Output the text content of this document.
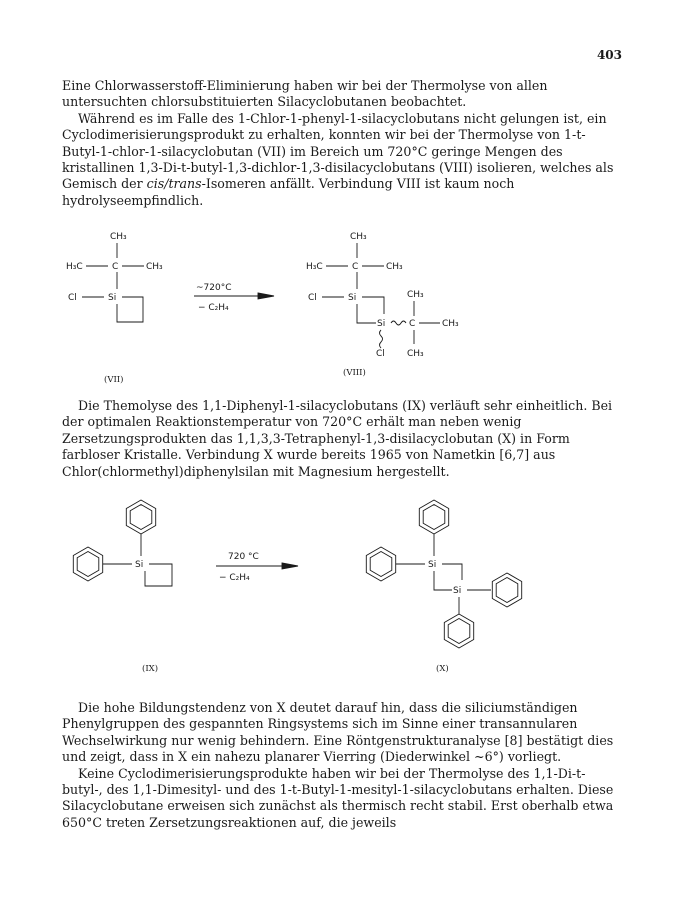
403

Eine Chlorwasserstoff-Eliminierung haben wir bei der Thermolyse von allen untersuchten chlorsubstituierten Silacyclobutanen beobachtet.

Während es im Falle des 1-Chlor-1-phenyl-1-silacyclobutans nicht gelungen ist, ein Cyclodimerisierungsprodukt zu erhalten, konnten wir bei der Thermolyse von 1-t-Butyl-1-chlor-1-silacyclobutan (VII) im Bereich um 720°C geringe Mengen des kristallinen 1,3-Di-t-butyl-1,3-dichlor-1,3-disilacyclobutans (VIII) isolieren, welches als Gemisch der cis/trans-Isomeren anfällt. Verbindung VIII ist kaum noch hydrolyseempfindlich.

CH₃
H₃C	C	CH₃
Cl	Si
(VII)
~720°C
− C₂H₄
CH₃
H₃C	C	CH₃
Cl	Si
Si	C	CH₃
CH₃
CH₃
Cl
(VIII)

Die Themolyse des 1,1-Diphenyl-1-silacyclobutans (IX) verläuft sehr einheitlich. Bei der optimalen Reaktionstemperatur von 720°C erhält man neben wenig Zersetzungsprodukten das 1,1,3,3-Tetraphenyl-1,3-disilacyclobutan (X) in Form farbloser Kristalle. Verbindung X wurde bereits 1965 von Nametkin [6,7] aus Chlor(chlormethyl)diphenylsilan mit Magnesium hergestellt.

Si
(IX)
720 °C
− C₂H₄
Si
Si
(X)

Die hohe Bildungstendenz von X deutet darauf hin, dass die siliciumständigen Phenylgruppen des gespannten Ringsystems sich im Sinne einer transannularen Wechselwirkung nur wenig behindern. Eine Röntgenstrukturanalyse [8] bestätigt dies und zeigt, dass in X ein nahezu planarer Vierring (Diederwinkel ~6°) vorliegt.

Keine Cyclodimerisierungsprodukte haben wir bei der Thermolyse des 1,1-Di-t-butyl-, des 1,1-Dimesityl- und des 1-t-Butyl-1-mesityl-1-silacyclobutans erhalten. Diese Silacyclobutane erweisen sich zunächst als thermisch recht stabil. Erst oberhalb etwa 650°C treten Zersetzungsreaktionen auf, die jeweils
